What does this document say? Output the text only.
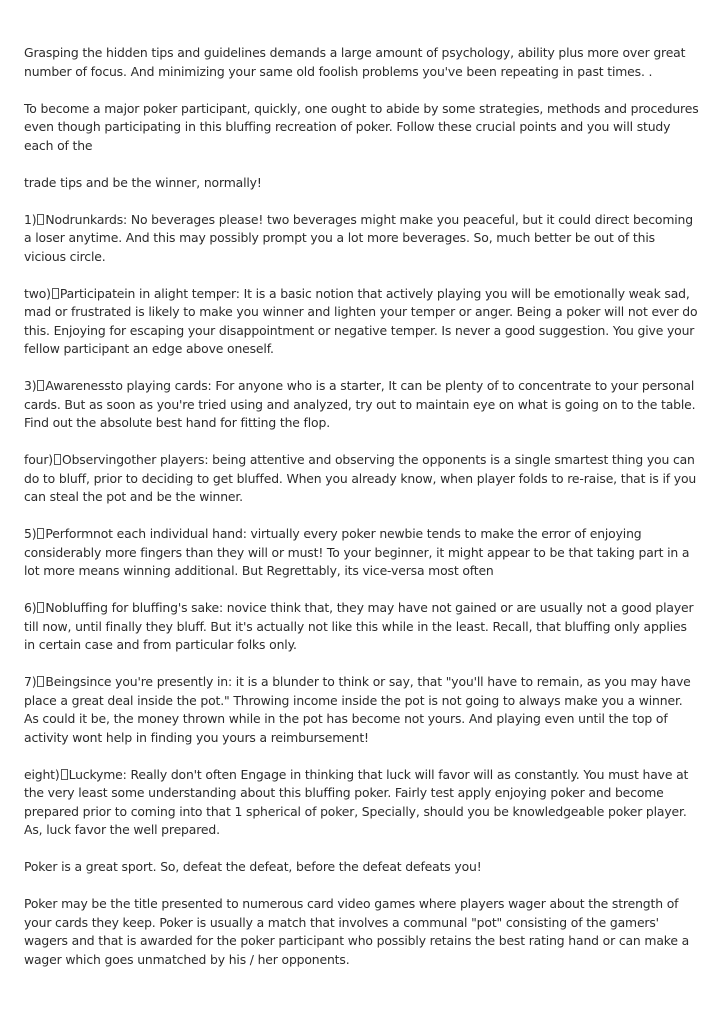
Grasping the hidden tips and guidelines demands a large amount of psychology, ability plus more over great number of focus. And minimizing your same old foolish problems you've been repeating in past times. .

To become a major poker participant, quickly, one ought to abide by some strategies, methods and procedures even though participating in this bluffing recreation of poker. Follow these crucial points and you will study each of the

trade tips and be the winner, normally!

1) Nodrunkards: No beverages please! two beverages might make you peaceful, but it could direct becoming a loser anytime. And this may possibly prompt you a lot more beverages. So, much better be out of this vicious circle.

two) Participatein in alight temper: It is a basic notion that actively playing you will be emotionally weak sad, mad or frustrated is likely to make you winner and lighten your temper or anger. Being a poker will not ever do this. Enjoying for escaping your disappointment or negative temper. Is never a good suggestion. You give your fellow participant an edge above oneself.

3) Awarenessto playing cards: For anyone who is a starter, It can be plenty of to concentrate to your personal cards. But as soon as you're tried using and analyzed, try out to maintain eye on what is going on to the table. Find out the absolute best hand for fitting the flop.

four) Observingother players: being attentive and observing the opponents is a single smartest thing you can do to bluff, prior to deciding to get bluffed. When you already know, when player folds to re-raise, that is if you can steal the pot and be the winner.

5) Performnot each individual hand: virtually every poker newbie tends to make the error of enjoying considerably more fingers than they will or must! To your beginner, it might appear to be that taking part in a lot more means winning additional. But Regrettably, its vice-versa most often

6) Nobluffing for bluffing's sake: novice think that, they may have not gained or are usually not a good player till now, until finally they bluff. But it's actually not like this while in the least. Recall, that bluffing only applies in certain case and from particular folks only.

7) Beingsince you're presently in: it is a blunder to think or say, that "you'll have to remain, as you may have place a great deal inside the pot." Throwing income inside the pot is not going to always make you a winner. As could it be, the money thrown while in the pot has become not yours. And playing even until the top of activity wont help in finding you yours a reimbursement!

eight) Luckyme: Really don't often Engage in thinking that luck will favor will as constantly. You must have at the very least some understanding about this bluffing poker. Fairly test apply enjoying poker and become prepared prior to coming into that 1 spherical of poker, Specially, should you be knowledgeable poker player. As, luck favor the well prepared.

Poker is a great sport. So, defeat the defeat, before the defeat defeats you!

Poker may be the title presented to numerous card video games where players wager about the strength of your cards they keep. Poker is usually a match that involves a communal "pot" consisting of the gamers' wagers and that is awarded for the poker participant who possibly retains the best rating hand or can make a wager which goes unmatched by his / her opponents.
